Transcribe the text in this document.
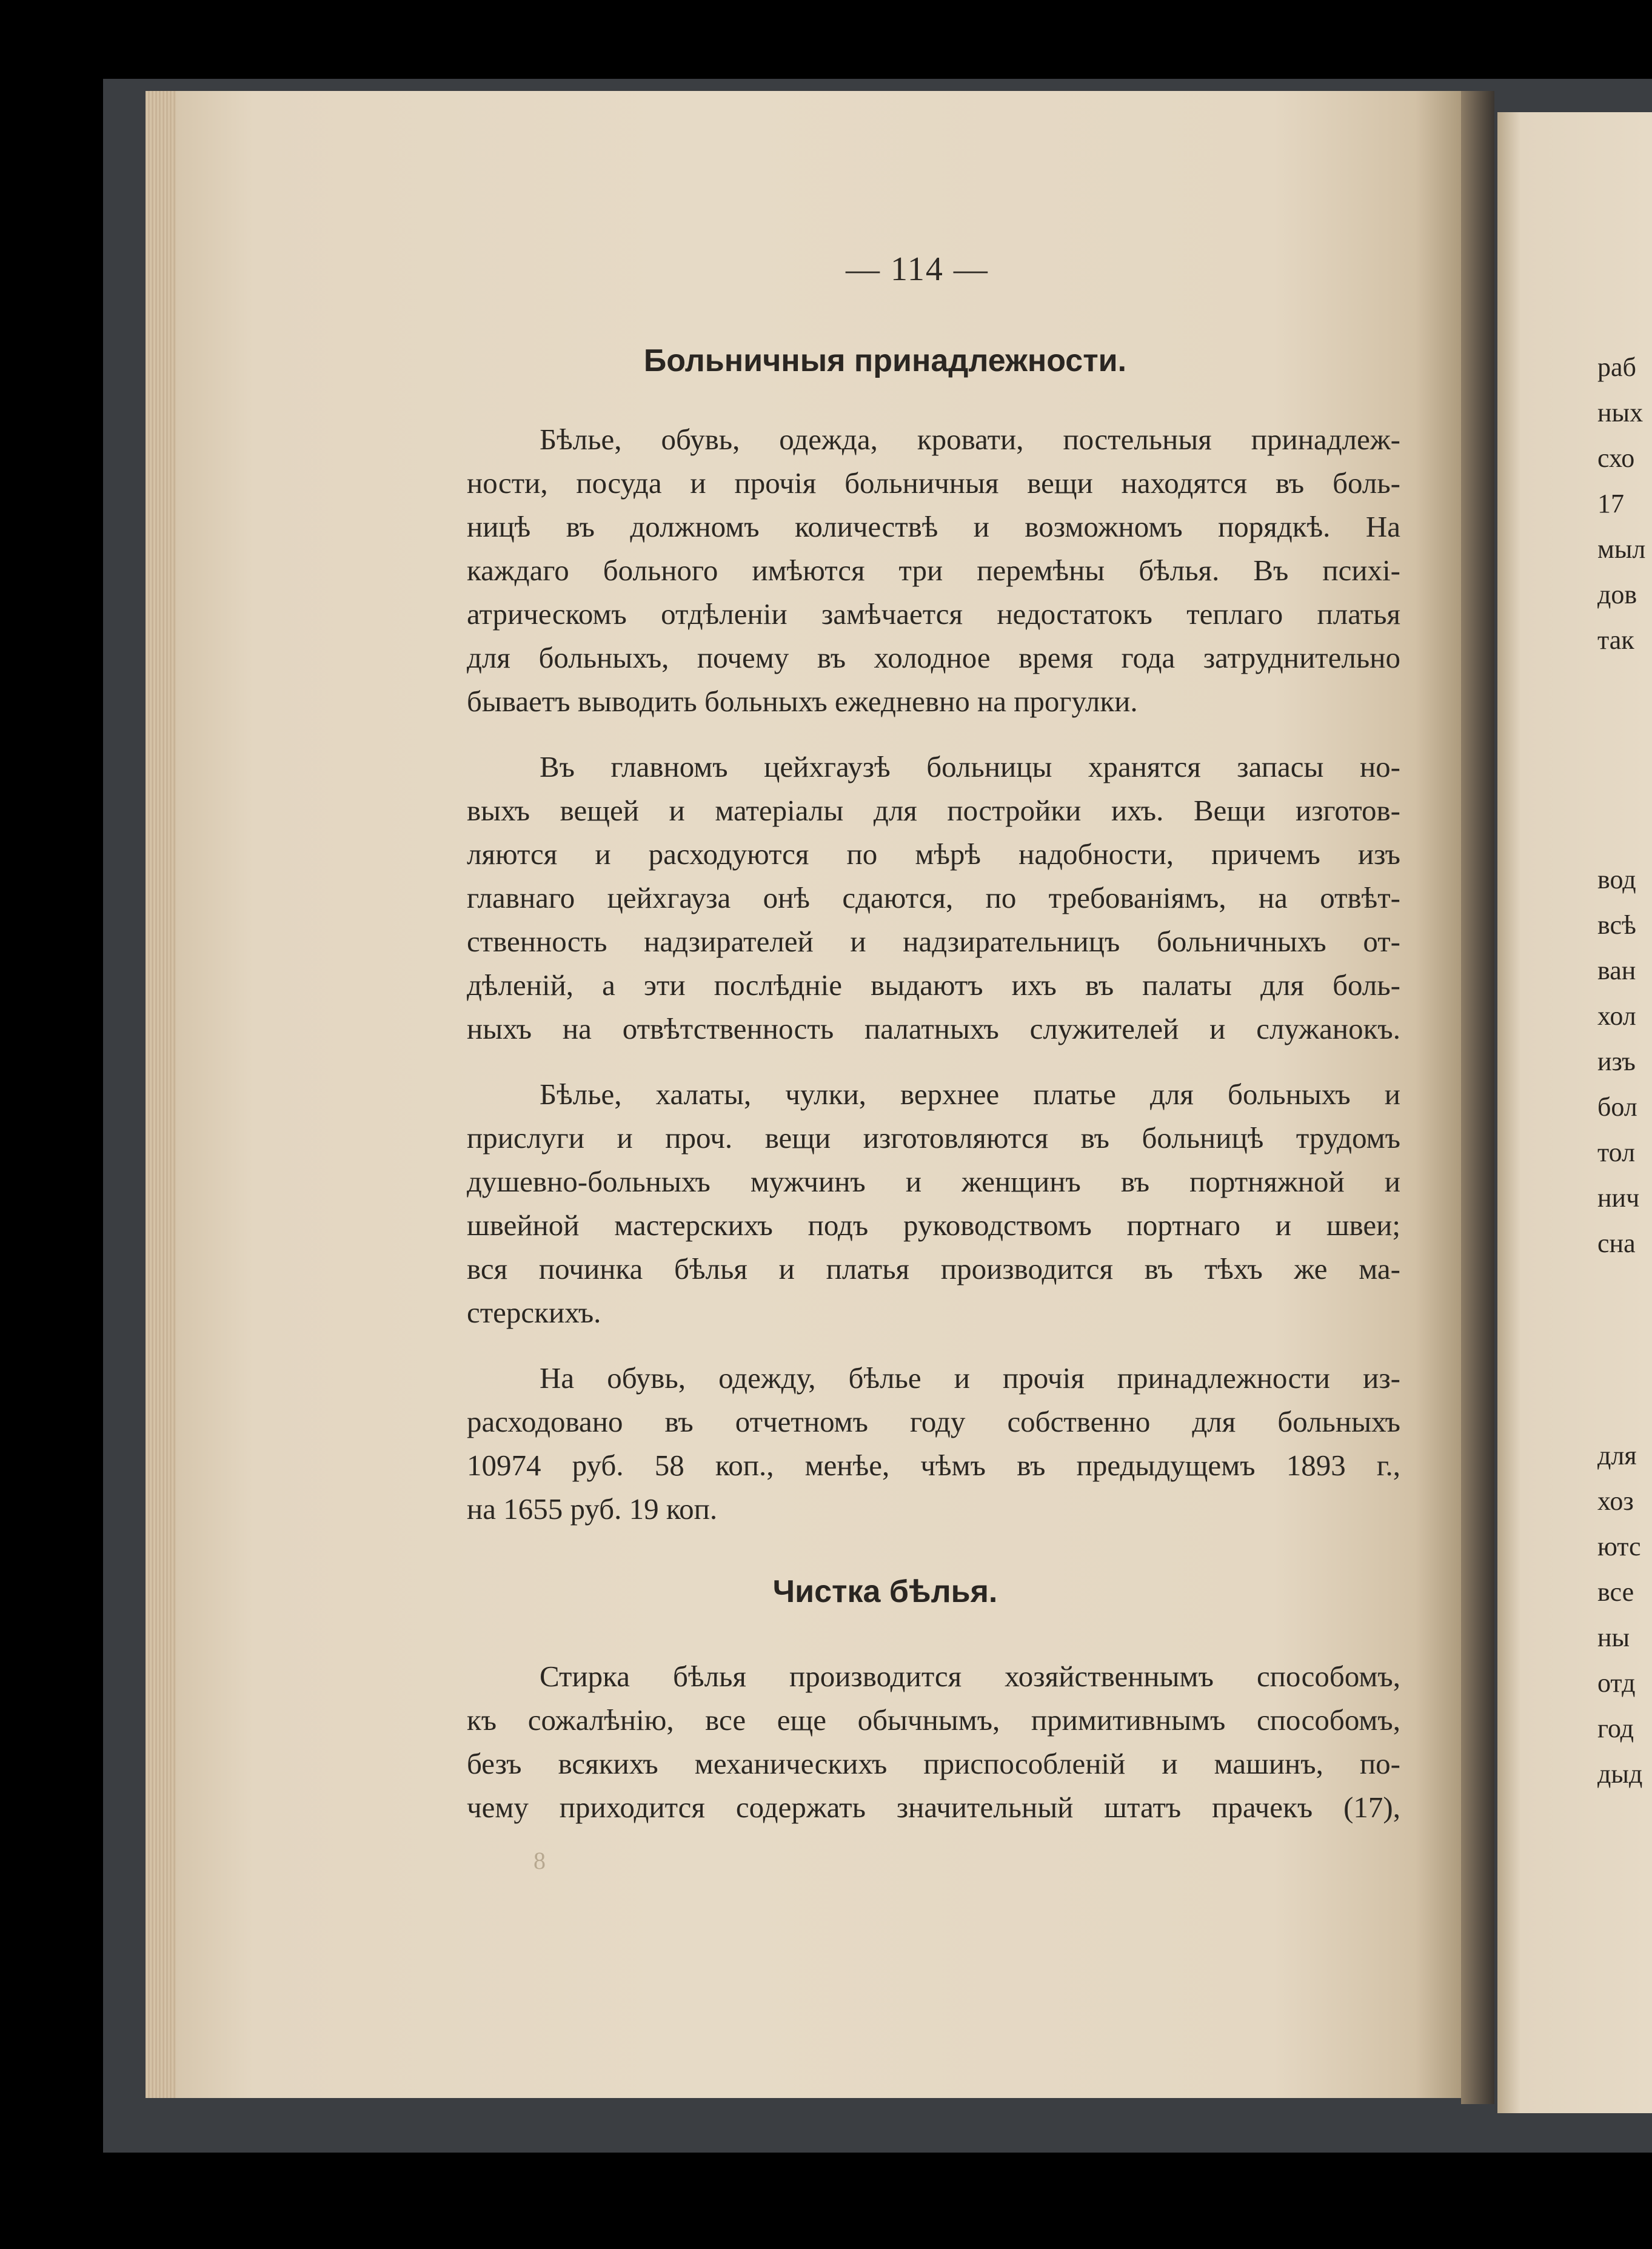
раб
ных
схо
17
мыл
дов
так
вод
всѣ
ван
хол
изъ
бол
тол
нич
сна
для
хоз
ютс
все
ны
отд
год
дыд
— 114 —
Больничныя принадлежности.
Бѣлье, обувь, одежда, кровати, постельныя принадлеж-
ности, посуда и прочія больничныя вещи находятся въ боль-
ницѣ въ должномъ количествѣ и возможномъ порядкѣ. На
каждаго больного имѣются три перемѣны бѣлья. Въ психі-
атрическомъ отдѣленіи замѣчается недостатокъ теплаго платья
для больныхъ, почему въ холодное время года затруднительно
бываетъ выводить больныхъ ежедневно на прогулки.
Въ главномъ цейхгаузѣ больницы хранятся запасы но-
выхъ вещей и матеріалы для постройки ихъ. Вещи изготов-
ляются и расходуются по мѣрѣ надобности, причемъ изъ
главнаго цейхгауза онѣ сдаются, по требованіямъ, на отвѣт-
ственность надзирателей и надзирательницъ больничныхъ от-
дѣленій, а эти послѣдніе выдаютъ ихъ въ палаты для боль-
ныхъ на отвѣтственность палатныхъ служителей и служанокъ.
Бѣлье, халаты, чулки, верхнее платье для больныхъ и
прислуги и проч. вещи изготовляются въ больницѣ трудомъ
душевно-больныхъ мужчинъ и женщинъ въ портняжной и
швейной мастерскихъ подъ руководствомъ портнаго и швеи;
вся починка бѣлья и платья производится въ тѣхъ же ма-
стерскихъ.
На обувь, одежду, бѣлье и прочія принадлежности из-
расходовано въ отчетномъ году собственно для больныхъ
10974 руб. 58 коп., менѣе, чѣмъ въ предыдущемъ 1893 г.,
на 1655 руб. 19 коп.
Чистка бѣлья.
Стирка бѣлья производится хозяйственнымъ способомъ,
къ сожалѣнію, все еще обычнымъ, примитивнымъ способомъ,
безъ всякихъ механическихъ приспособленій и машинъ, по-
чему приходится содержать значительный штатъ прачекъ (17),
8
